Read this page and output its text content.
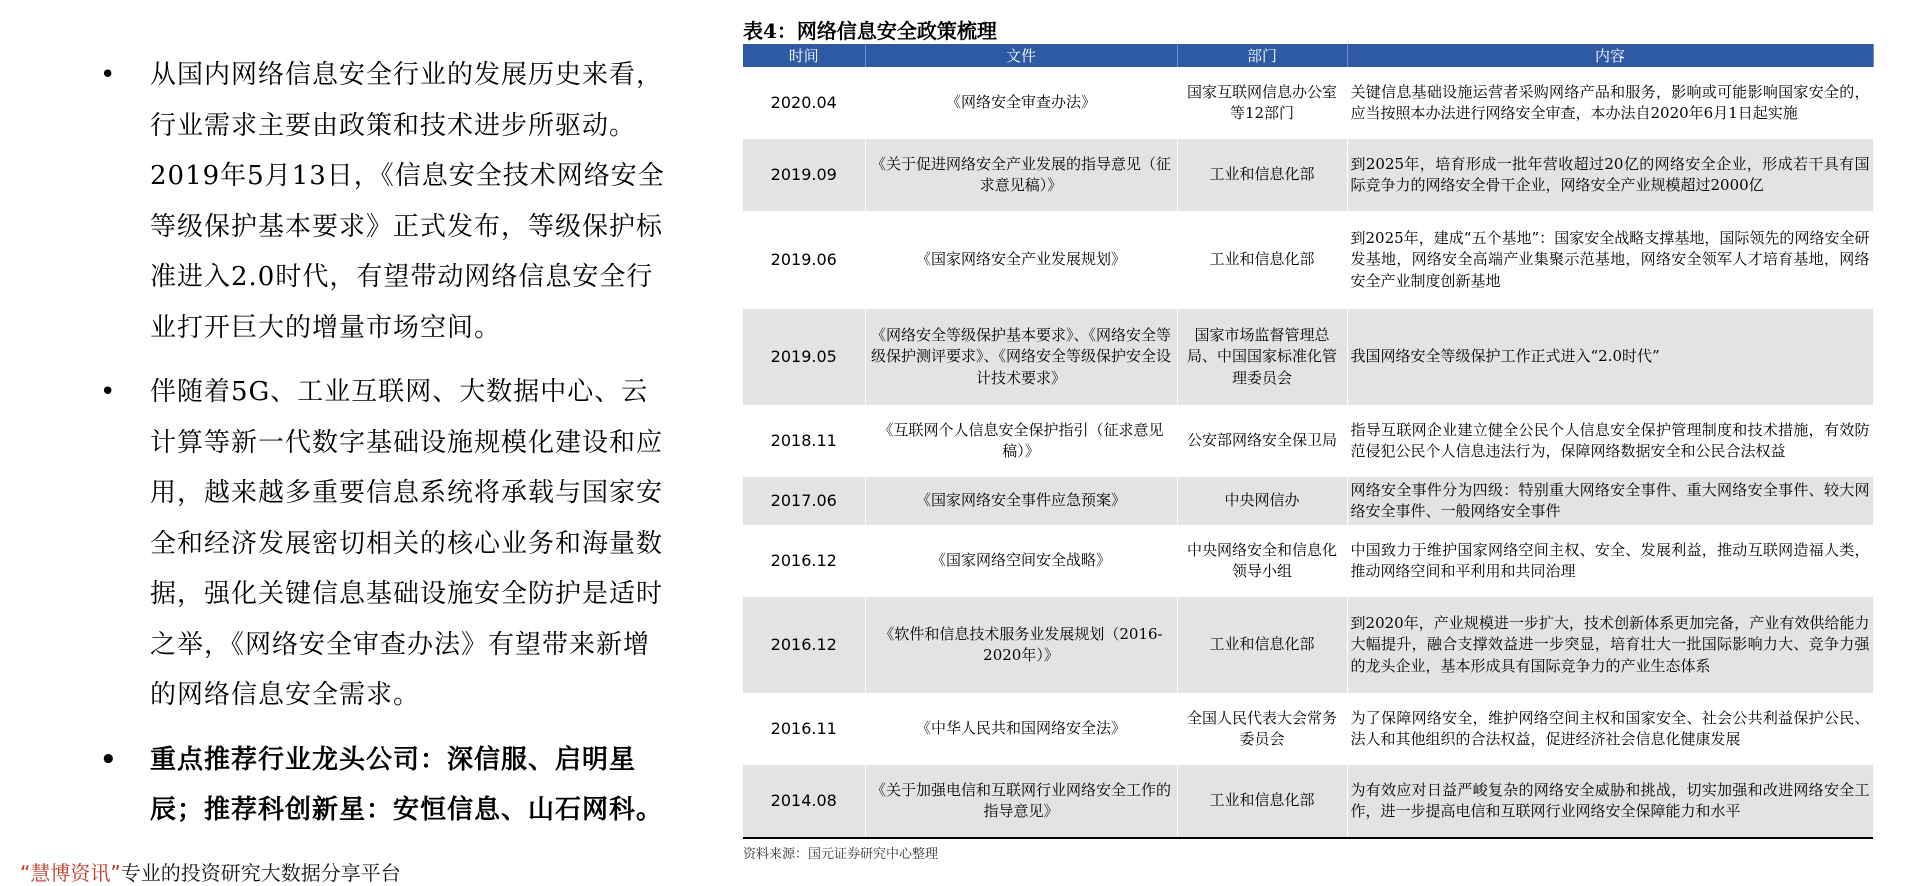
• 从国内网络信息安全行业的发展历史来看，行业需求主要由政策和技术进步所驱动。2019年5月13日，《信息安全技术网络安全等级保护基本要求》正式发布，等级保护标准进入2.0时代，有望带动网络信息安全行业打开巨大的增量市场空间。
• 伴随着5G、工业互联网、大数据中心、云计算等新一代数字基础设施规模化建设和应用，越来越多重要信息系统将承载与国家安全和经济发展密切相关的核心业务和海量数据，强化关键信息基础设施安全防护是适时之举，《网络安全审查办法》有望带来新增的网络信息安全需求。
• 重点推荐行业龙头公司：深信服、启明星辰；推荐科创新星：安恒信息、山石网科。
“慧博资讯”专业的投资研究大数据分享平台
表4：网络信息安全政策梳理
时间	文件	部门	内容
2020.04	《网络安全审查办法》	国家互联网信息办公室等12部门	关键信息基础设施运营者采购网络产品和服务，影响或可能影响国家安全的，应当按照本办法进行网络安全审查，本办法自2020年6月1日起实施
2019.09	《关于促进网络安全产业发展的指导意见（征求意见稿）》	工业和信息化部	到2025年，培育形成一批年营收超过20亿的网络安全企业，形成若干具有国际竞争力的网络安全骨干企业，网络安全产业规模超过2000亿
2019.06	《国家网络安全产业发展规划》	工业和信息化部	到2025年，建成“五个基地”：国家安全战略支撑基地，国际领先的网络安全研发基地，网络安全高端产业集聚示范基地，网络安全领军人才培育基地，网络安全产业制度创新基地
2019.05	《网络安全等级保护基本要求》、《网络安全等级保护测评要求》、《网络安全等级保护安全设计技术要求》	国家市场监督管理总局、中国国家标准化管理委员会	我国网络安全等级保护工作正式进入“2.0时代”
2018.11	《互联网个人信息安全保护指引（征求意见稿）》	公安部网络安全保卫局	指导互联网企业建立健全公民个人信息安全保护管理制度和技术措施，有效防范侵犯公民个人信息违法行为，保障网络数据安全和公民合法权益
2017.06	《国家网络安全事件应急预案》	中央网信办	网络安全事件分为四级：特别重大网络安全事件、重大网络安全事件、较大网络安全事件、一般网络安全事件
2016.12	《国家网络空间安全战略》	中央网络安全和信息化领导小组	中国致力于维护国家网络空间主权、安全、发展利益，推动互联网造福人类，推动网络空间和平利用和共同治理
2016.12	《软件和信息技术服务业发展规划（2016-2020年）》	工业和信息化部	到2020年，产业规模进一步扩大，技术创新体系更加完备，产业有效供给能力大幅提升，融合支撑效益进一步突显，培育壮大一批国际影响力大、竞争力强的龙头企业，基本形成具有国际竞争力的产业生态体系
2016.11	《中华人民共和国网络安全法》	全国人民代表大会常务委员会	为了保障网络安全，维护网络空间主权和国家安全、社会公共利益保护公民、法人和其他组织的合法权益，促进经济社会信息化健康发展
2014.08	《关于加强电信和互联网行业网络安全工作的指导意见》	工业和信息化部	为有效应对日益严峻复杂的网络安全威胁和挑战，切实加强和改进网络安全工作，进一步提高电信和互联网行业网络安全保障能力和水平
资料来源：国元证券研究中心整理
